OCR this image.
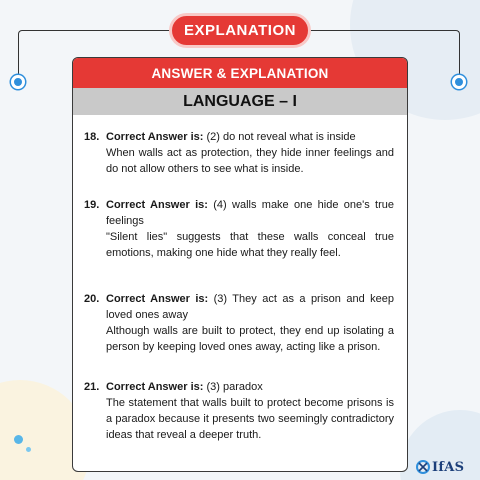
EXPLANATION
ANSWER & EXPLANATION
LANGUAGE – I
18. Correct Answer is: (2) do not reveal what is inside
When walls act as protection, they hide inner feelings and do not allow others to see what is inside.
19. Correct Answer is: (4) walls make one hide one's true feelings
"Silent lies" suggests that these walls conceal true emotions, making one hide what they really feel.
20. Correct Answer is: (3) They act as a prison and keep loved ones away
Although walls are built to protect, they end up isolating a person by keeping loved ones away, acting like a prison.
21. Correct Answer is: (3) paradox
The statement that walls built to protect become prisons is a paradox because it presents two seemingly contradictory ideas that reveal a deeper truth.
IfAS
